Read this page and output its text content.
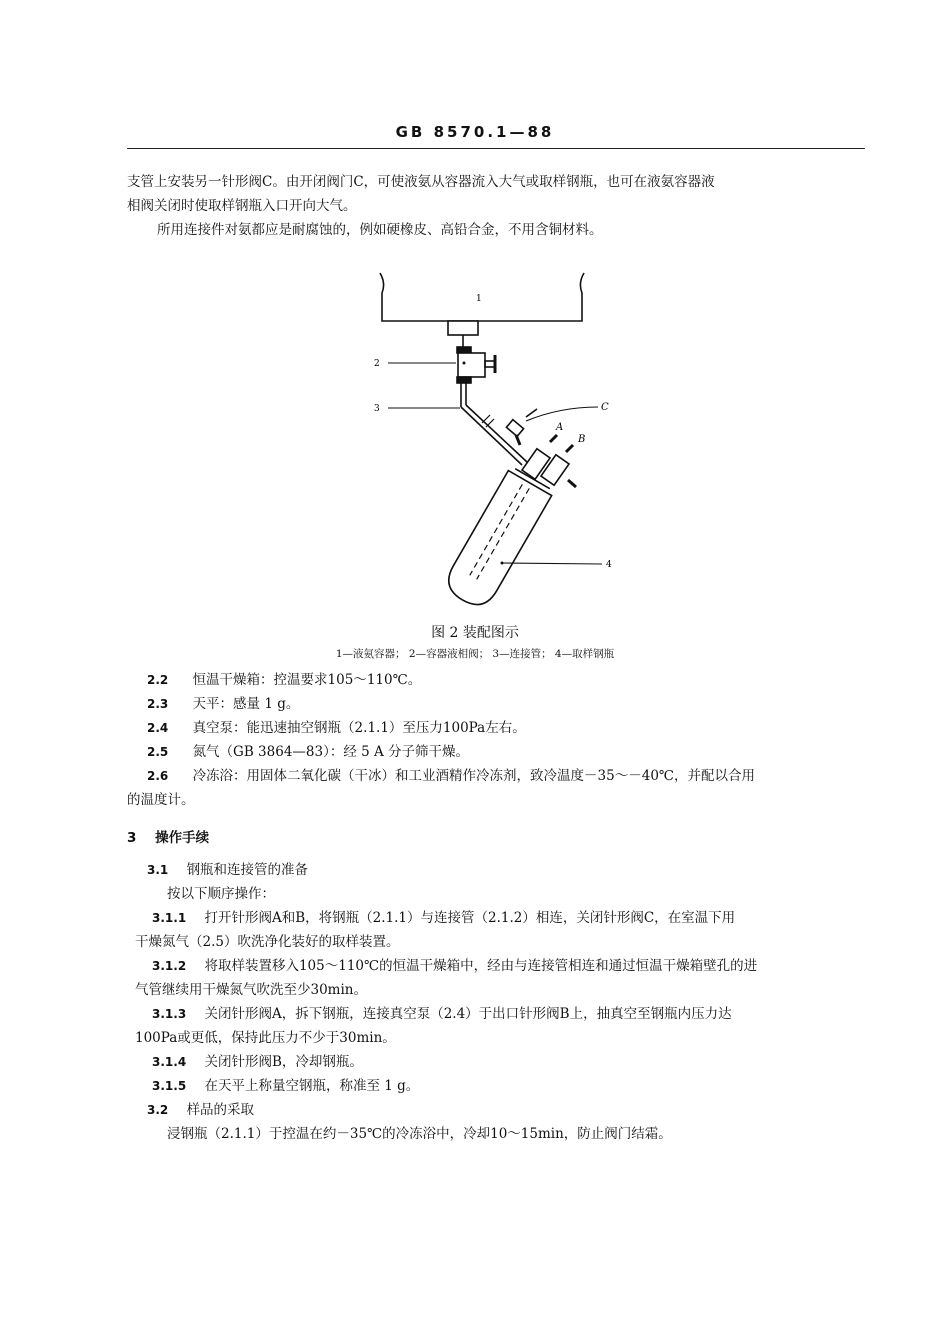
GB 8570.1—88
支管上安装另一针形阀C。由开闭阀门C，可使液氨从容器流入大气或取样钢瓶，也可在液氨容器液
相阀关闭时使取样钢瓶入口开向大气。
所用连接件对氨都应是耐腐蚀的，例如硬橡皮、高铅合金，不用含铜材料。
1
2
3
4
A
B
C
图 2 装配图示
1—液氨容器； 2—容器液相阀； 3—连接管； 4—取样钢瓶
2.2 恒温干燥箱：控温要求105～110℃。
2.3 天平：感量 1 g。
2.4 真空泵：能迅速抽空钢瓶（2.1.1）至压力100Pa左右。
2.5 氮气（GB 3864—83）：经 5 A 分子筛干燥。
2.6 冷冻浴：用固体二氧化碳（干冰）和工业酒精作冷冻剂，致冷温度－35～－40℃，并配以合用
的温度计。
3 操作手续
3.1 钢瓶和连接管的准备
按以下顺序操作：
3.1.1 打开针形阀A和B，将钢瓶（2.1.1）与连接管（2.1.2）相连，关闭针形阀C，在室温下用
干燥氮气（2.5）吹洗净化装好的取样装置。
3.1.2 将取样装置移入105～110℃的恒温干燥箱中，经由与连接管相连和通过恒温干燥箱壁孔的进
气管继续用干燥氮气吹洗至少30min。
3.1.3 关闭针形阀A，拆下钢瓶，连接真空泵（2.4）于出口针形阀B上，抽真空至钢瓶内压力达
100Pa或更低，保持此压力不少于30min。
3.1.4 关闭针形阀B，冷却钢瓶。
3.1.5 在天平上称量空钢瓶，称准至 1 g。
3.2 样品的采取
浸钢瓶（2.1.1）于控温在约－35℃的冷冻浴中，冷却10～15min，防止阀门结霜。
